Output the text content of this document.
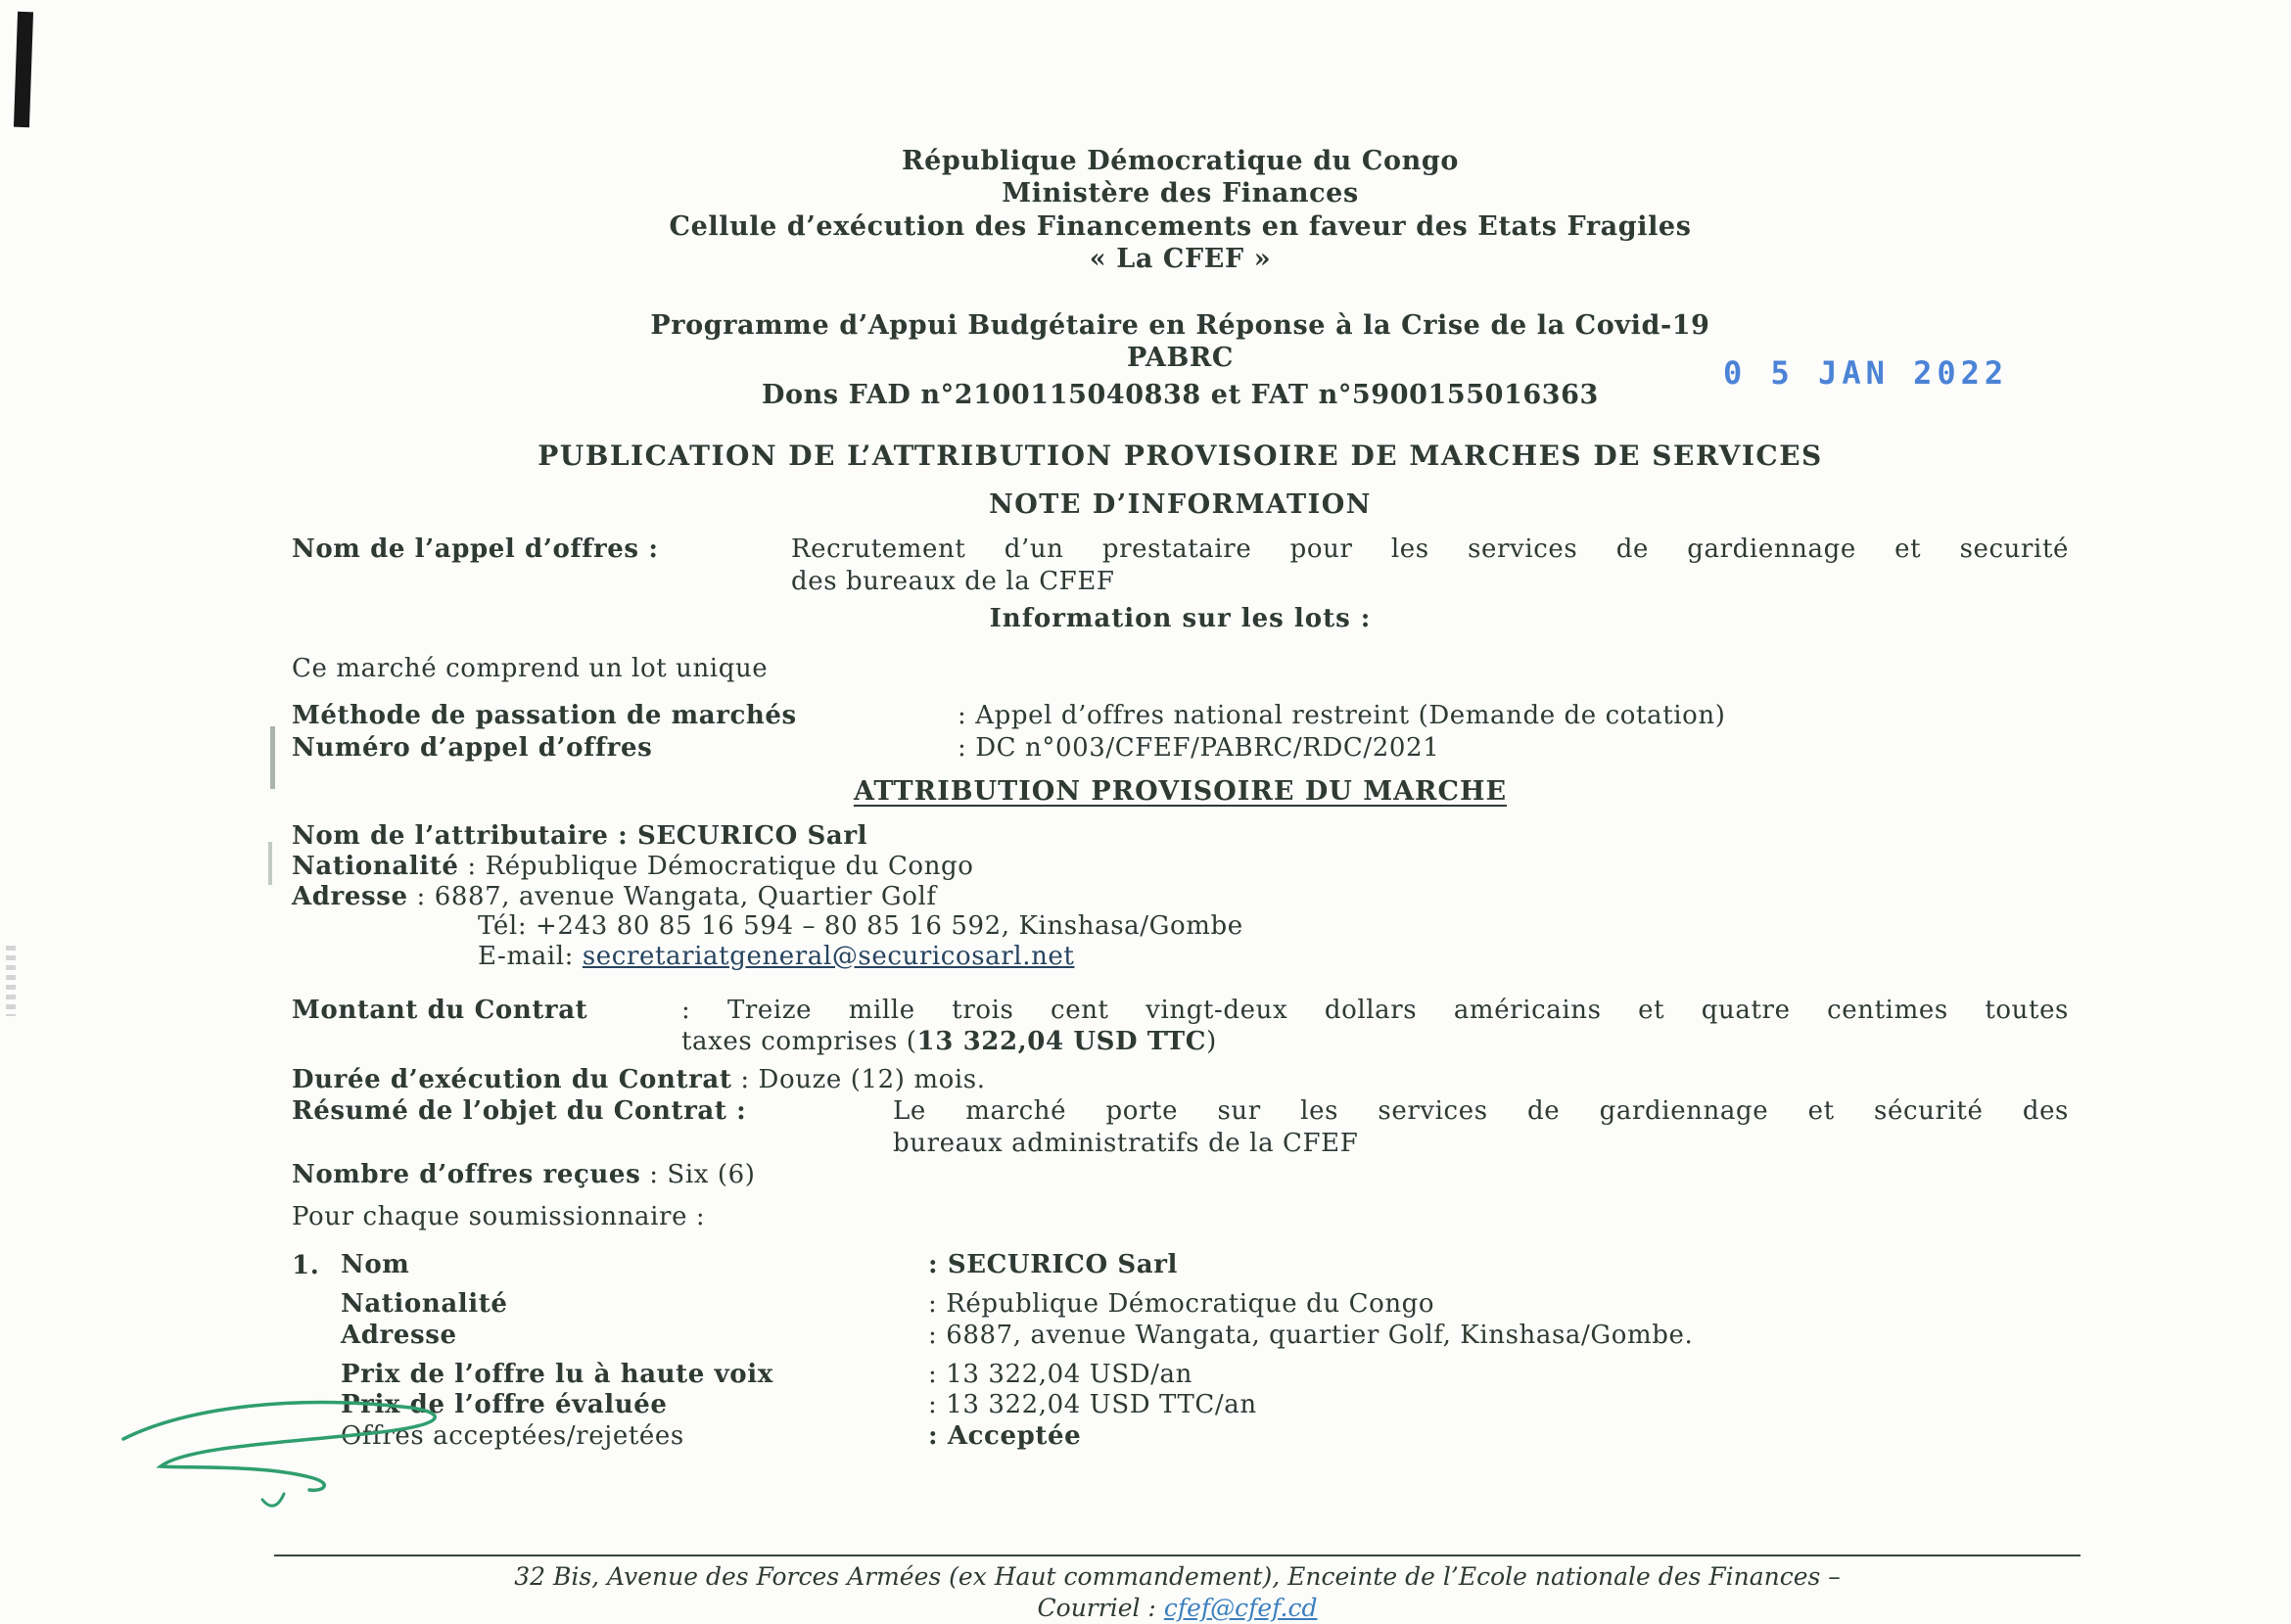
0 5 JAN 2022
République Démocratique du Congo
Ministère des Finances
Cellule d’exécution des Financements en faveur des Etats Fragiles
« La CFEF »
Programme d’Appui Budgétaire en Réponse à la Crise de la Covid-19
PABRC
Dons FAD n°2100115040838 et FAT n°5900155016363
PUBLICATION DE L’ATTRIBUTION PROVISOIRE DE MARCHES DE SERVICES
NOTE D’INFORMATION
Nom de l’appel d’offres :	Recrutement d’un prestataire pour les services de gardiennage et securité
des bureaux de la CFEF
Information sur les lots :
Ce marché comprend un lot unique
Méthode de passation de marchés	: Appel d’offres national restreint (Demande de cotation)
Numéro d’appel d’offres	: DC n°003/CFEF/PABRC/RDC/2021
ATTRIBUTION PROVISOIRE DU MARCHE
Nom de l’attributaire : SECURICO Sarl
Nationalité : République Démocratique du Congo
Adresse : 6887, avenue Wangata, Quartier Golf
Tél: +243 80 85 16 594 – 80 85 16 592, Kinshasa/Gombe
E-mail: secretariatgeneral@securicosarl.net
Montant du Contrat	: Treize mille trois cent vingt-deux dollars américains et quatre centimes toutes
taxes comprises (13 322,04 USD TTC)
Durée d’exécution du Contrat : Douze (12) mois.
Résumé de l’objet du Contrat :	Le marché porte sur les services de gardiennage et sécurité des
bureaux administratifs de la CFEF
Nombre d’offres reçues : Six (6)
Pour chaque soumissionnaire :
1. Nom	: SECURICO Sarl
Nationalité	: République Démocratique du Congo
Adresse	: 6887, avenue Wangata, quartier Golf, Kinshasa/Gombe.
Prix de l’offre lu à haute voix	: 13 322,04 USD/an
Prix de l’offre évaluée	: 13 322,04 USD TTC/an
Offres acceptées/rejetées	: Acceptée
32 Bis, Avenue des Forces Armées (ex Haut commandement), Enceinte de l’Ecole nationale des Finances –
Courriel : cfef@cfef.cd
